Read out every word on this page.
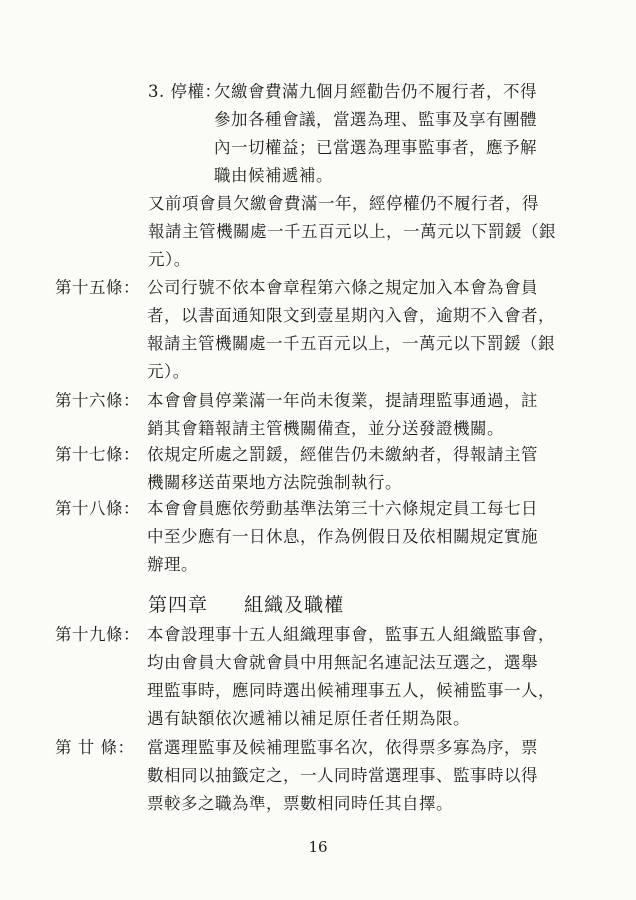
3. 停權：
欠繳會費滿九個月經勸告仍不履行者，不得
參加各種會議，當選為理、監事及享有團體
內一切權益；已當選為理事監事者，應予解
職由候補遞補。
又前項會員欠繳會費滿一年，經停權仍不履行者，得
報請主管機關處一千五百元以上，一萬元以下罰鍰（銀
元）。
第十五條： 公司行號不依本會章程第六條之規定加入本會為會員
者，以書面通知限文到壹星期內入會，逾期不入會者，
報請主管機關處一千五百元以上，一萬元以下罰鍰（銀
元）。
第十六條： 本會會員停業滿一年尚未復業，提請理監事通過，註
銷其會籍報請主管機關備查，並分送發證機關。
第十七條： 依規定所處之罰鍰，經催告仍未繳納者，得報請主管
機關移送苗栗地方法院強制執行。
第十八條： 本會會員應依勞動基準法第三十六條規定員工每七日
中至少應有一日休息，作為例假日及依相關規定實施
辦理。
第四章 組織及職權
第十九條： 本會設理事十五人組織理事會，監事五人組織監事會，
均由會員大會就會員中用無記名連記法互選之，選舉
理監事時，應同時選出候補理事五人，候補監事一人，
遇有缺額依次遞補以補足原任者任期為限。
第 廿 條： 當選理監事及候補理監事名次，依得票多寡為序，票
數相同以抽籤定之，一人同時當選理事、監事時以得
票較多之職為準，票數相同時任其自擇。
16
